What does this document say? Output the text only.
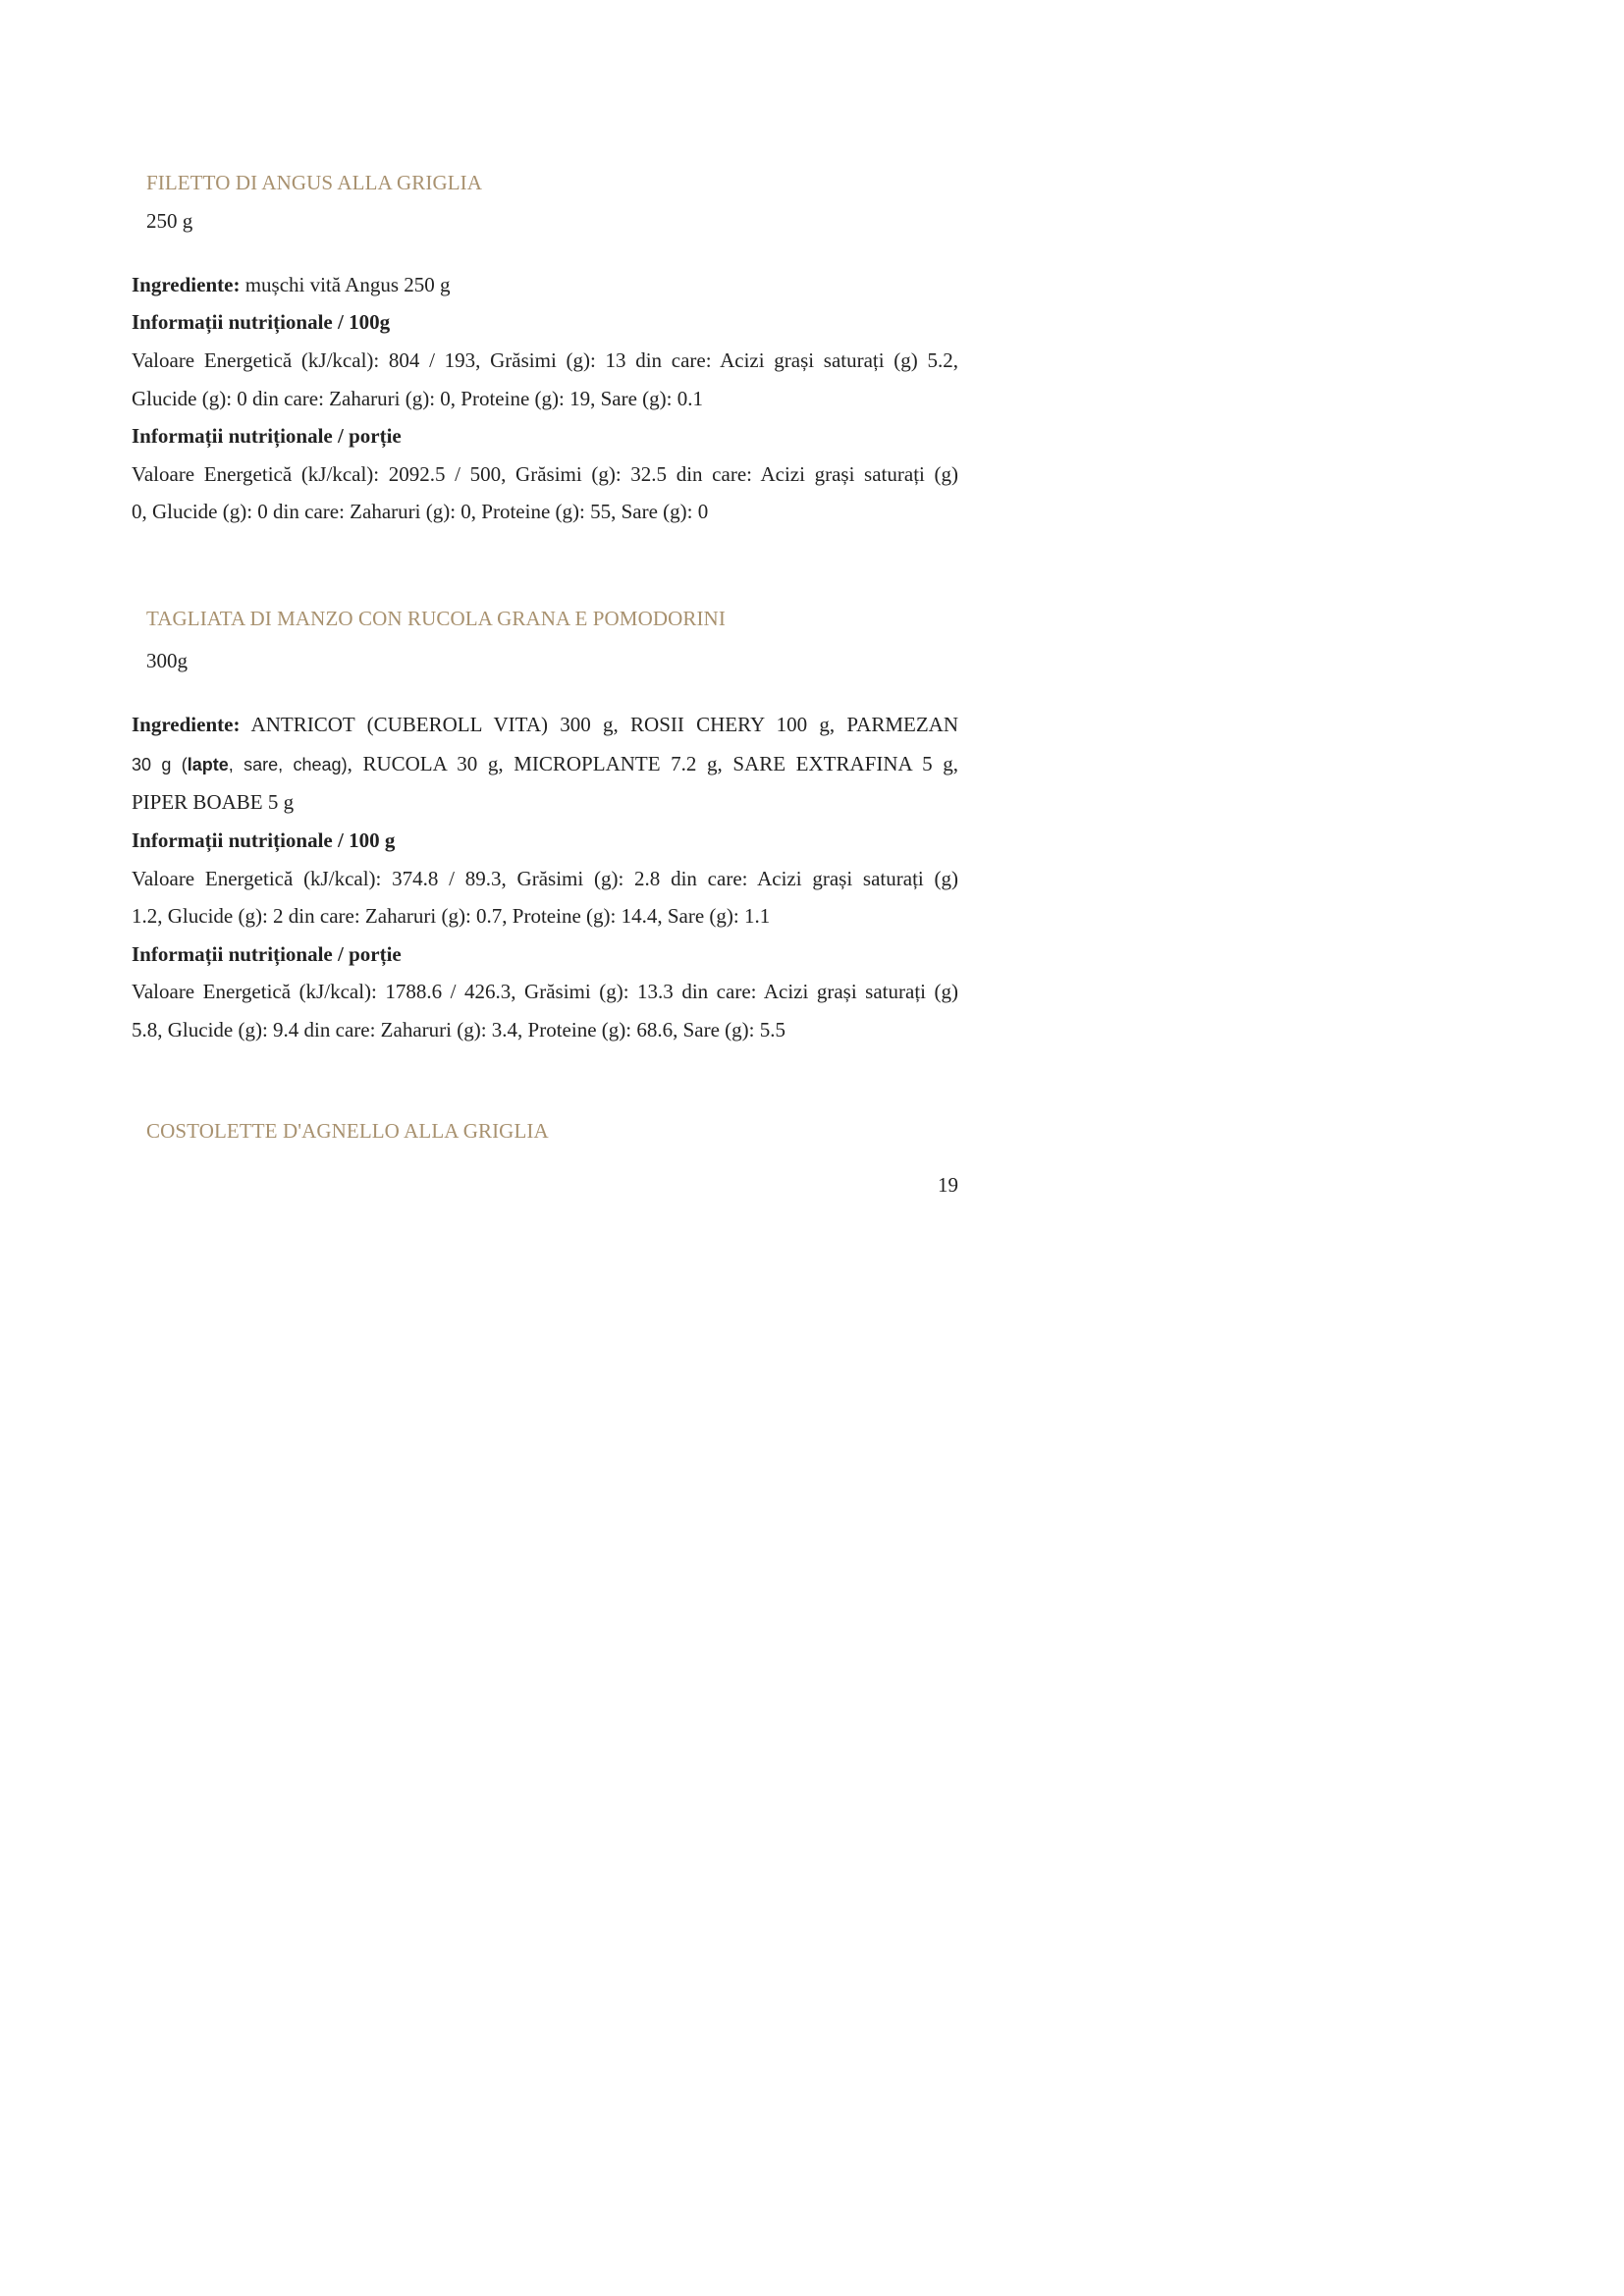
FILETTO DI ANGUS ALLA GRIGLIA
250 g
Ingrediente: mușchi vită Angus 250 g
Informații nutriționale / 100g
Valoare Energetică (kJ/kcal): 804 / 193, Grăsimi (g): 13 din care: Acizi grași saturați (g) 5.2,
Glucide (g): 0 din care: Zaharuri (g): 0, Proteine (g): 19, Sare (g): 0.1
Informații nutriționale / porție
Valoare Energetică (kJ/kcal): 2092.5 / 500, Grăsimi (g): 32.5 din care: Acizi grași saturați (g)
0, Glucide (g): 0 din care: Zaharuri (g): 0, Proteine (g): 55, Sare (g): 0
TAGLIATA DI MANZO CON RUCOLA GRANA E POMODORINI
300g
Ingrediente: ANTRICOT (CUBEROLL VITA) 300 g, ROSII CHERY 100 g, PARMEZAN
30 g (lapte, sare, cheag), RUCOLA 30 g, MICROPLANTE 7.2 g, SARE EXTRAFINA 5 g,
PIPER BOABE 5 g
Informații nutriționale / 100 g
Valoare Energetică (kJ/kcal): 374.8 / 89.3, Grăsimi (g): 2.8 din care: Acizi grași saturați (g)
1.2, Glucide (g): 2 din care: Zaharuri (g): 0.7, Proteine (g): 14.4, Sare (g): 1.1
Informații nutriționale / porție
Valoare Energetică (kJ/kcal): 1788.6 / 426.3, Grăsimi (g): 13.3 din care: Acizi grași saturați (g)
5.8, Glucide (g): 9.4 din care: Zaharuri (g): 3.4, Proteine (g): 68.6, Sare (g): 5.5
COSTOLETTE D'AGNELLO ALLA GRIGLIA
19
